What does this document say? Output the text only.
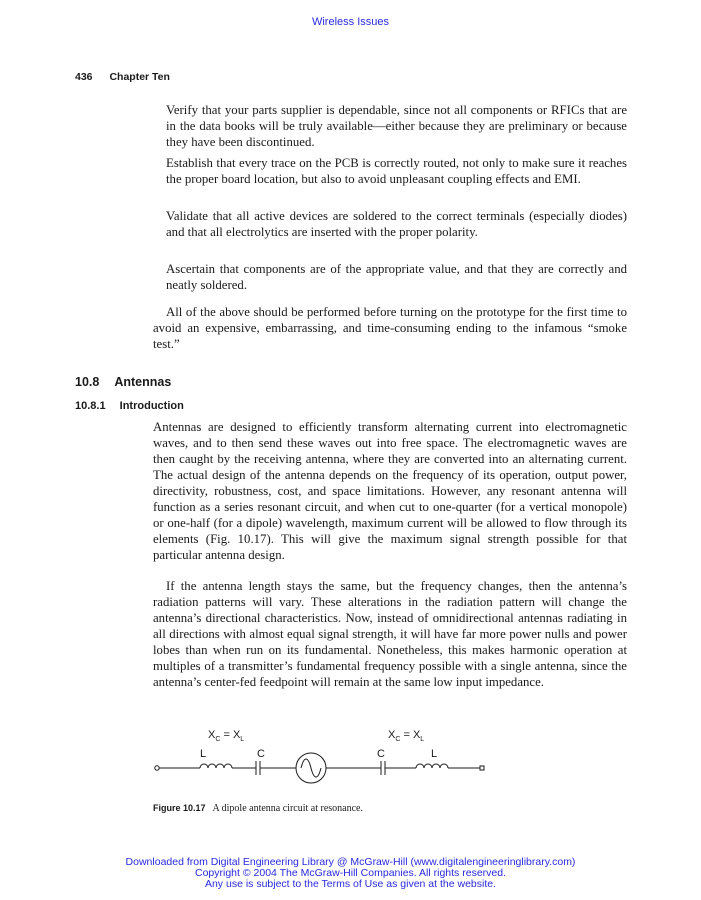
Wireless Issues
436 Chapter Ten

Verify that your parts supplier is dependable, since not all components or RFICs that are in the data books will be truly available—either because they are preliminary or because they have been discontinued.

Establish that every trace on the PCB is correctly routed, not only to make sure it reaches the proper board location, but also to avoid unpleasant coupling effects and EMI.

Validate that all active devices are soldered to the correct terminals (especially diodes) and that all electrolytics are inserted with the proper polarity.

Ascertain that components are of the appropriate value, and that they are correctly and neatly soldered.

All of the above should be performed before turning on the prototype for the first time to avoid an expensive, embarrassing, and time-consuming ending to the infamous “smoke test.”

10.8 Antennas
10.8.1 Introduction

Antennas are designed to efficiently transform alternating current into electromagnetic waves, and to then send these waves out into free space. The electromagnetic waves are then caught by the receiving antenna, where they are converted into an alternating current. The actual design of the antenna depends on the frequency of its operation, output power, directivity, robustness, cost, and space limitations. However, any resonant antenna will function as a series resonant circuit, and when cut to one-quarter (for a vertical monopole) or one-half (for a dipole) wavelength, maximum current will be allowed to flow through its elements (Fig. 10.17). This will give the maximum signal strength possible for that particular antenna design.

If the antenna length stays the same, but the frequency changes, then the antenna’s radiation patterns will vary. These alterations in the radiation pattern will change the antenna’s directional characteristics. Now, instead of omnidirectional antennas radiating in all directions with almost equal signal strength, it will have far more power nulls and power lobes than when run on its fundamental. Nonetheless, this makes harmonic operation at multiples of a transmitter’s fundamental frequency possible with a single antenna, since the antenna’s center-fed feedpoint will remain at the same low input impedance.

$X_C = X_L$	$X_C = X_L$
L	C	C	L
Figure 10.17 A dipole antenna circuit at resonance.
Downloaded from Digital Engineering Library @ McGraw-Hill (www.digitalengineeringlibrary.com)
Copyright © 2004 The McGraw-Hill Companies. All rights reserved.
Any use is subject to the Terms of Use as given at the website.
